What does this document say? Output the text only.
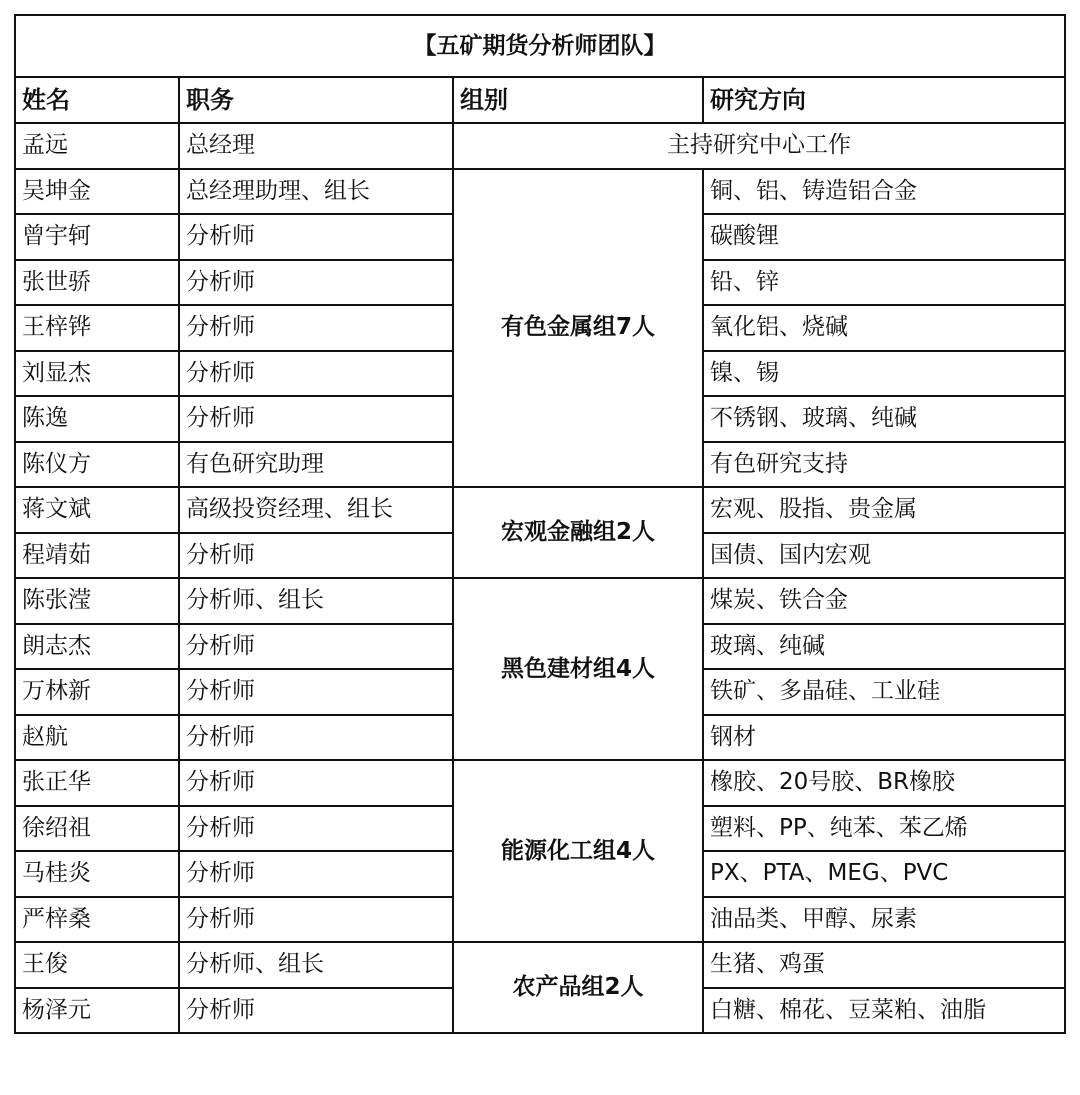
【五矿期货分析师团队】			
姓名	职务	组别	研究方向
孟远	总经理	主持研究中心工作	
吴坤金	总经理助理、组长	有色金属组7人	铜、铝、铸造铝合金
曾宇轲	分析师		碳酸锂
张世骄	分析师		铅、锌
王梓铧	分析师		氧化铝、烧碱
刘显杰	分析师		镍、锡
陈逸	分析师		不锈钢、玻璃、纯碱
陈仪方	有色研究助理		有色研究支持
蒋文斌	高级投资经理、组长	宏观金融组2人	宏观、股指、贵金属
程靖茹	分析师		国债、国内宏观
陈张滢	分析师、组长	黑色建材组4人	煤炭、铁合金
朗志杰	分析师		玻璃、纯碱
万林新	分析师		铁矿、多晶硅、工业硅
赵航	分析师		钢材
张正华	分析师	能源化工组4人	橡胶、20号胶、BR橡胶
徐绍祖	分析师		塑料、PP、纯苯、苯乙烯
马桂炎	分析师		PX、PTA、MEG、PVC
严梓桑	分析师		油品类、甲醇、尿素
王俊	分析师、组长	农产品组2人	生猪、鸡蛋
杨泽元	分析师		白糖、棉花、豆菜粕、油脂
